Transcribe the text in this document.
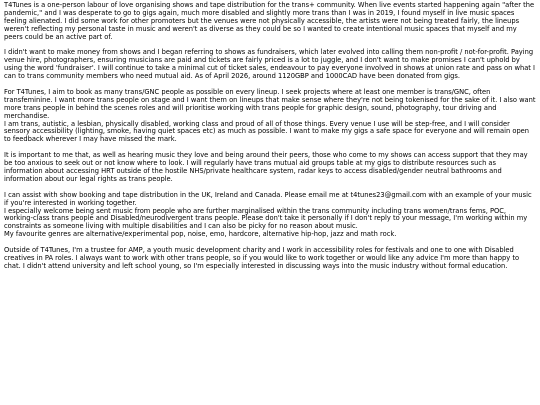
T4Tunes is a one-person labour of love organising shows and tape distribution for the trans+ community. When live events started happening again "after the pandemic," and I was desperate to go to gigs again, much more disabled and slightly more trans than I was in 2019, I found myself in live music spaces feeling alienated. I did some work for other promoters but the venues were not physically accessible, the artists were not being treated fairly, the lineups weren't reflecting my personal taste in music and weren't as diverse as they could be so I wanted to create intentional music spaces that myself and my peers could be an active part of.
I didn't want to make money from shows and I began referring to shows as fundraisers, which later evolved into calling them non-profit / not-for-profit. Paying venue hire, photographers, ensuring musicians are paid and tickets are fairly priced is a lot to juggle, and I don't want to make promises I can't uphold by using the word 'fundraiser'. I will continue to take a minimal cut of ticket sales, endeavour to pay everyone involved in shows at union rate and pass on what I can to trans community members who need mutual aid. As of April 2026, around 1120GBP and 1000CAD have been donated from gigs.
For T4Tunes, I aim to book as many trans/GNC people as possible on every lineup. I seek projects where at least one member is trans/GNC, often transfeminine. I want more trans people on stage and I want them on lineups that make sense where they're not being tokenised for the sake of it. I also want more trans people in behind the scenes roles and will prioritise working with trans people for graphic design, sound, photography, tour driving and merchandise.
I am trans, autistic, a lesbian, physically disabled, working class and proud of all of those things. Every venue I use will be step-free, and I will consider sensory accessibility (lighting, smoke, having quiet spaces etc) as much as possible. I want to make my gigs a safe space for everyone and will remain open to feedback wherever I may have missed the mark.
It is important to me that, as well as hearing music they love and being around their peers, those who come to my shows can access support that they may be too anxious to seek out or not know where to look. I will regularly have trans mutual aid groups table at my gigs to distribute resources such as information about accessing HRT outside of the hostile NHS/private healthcare system, radar keys to access disabled/gender neutral bathrooms and information about our legal rights as trans people.
I can assist with show booking and tape distribution in the UK, Ireland and Canada. Please email me at t4tunes23@gmail.com with an example of your music if you're interested in working together.
I especially welcome being sent music from people who are further marginalised within the trans community including trans women/trans fems, POC, working-class trans people and Disabled/neurodivergent trans people. Please don't take it personally if I don't reply to your message, I'm working within my constraints as someone living with multiple disabilities and I can also be picky for no reason about music.
My favourite genres are alternative/experimental pop, noise, emo, hardcore, alternative hip-hop, jazz and math rock.
Outside of T4Tunes, I'm a trustee for AMP, a youth music development charity and I work in accessibility roles for festivals and one to one with Disabled creatives in PA roles. I always want to work with other trans people, so if you would like to work together or would like any advice I'm more than happy to chat. I didn't attend university and left school young, so I'm especially interested in discussing ways into the music industry without formal education.
